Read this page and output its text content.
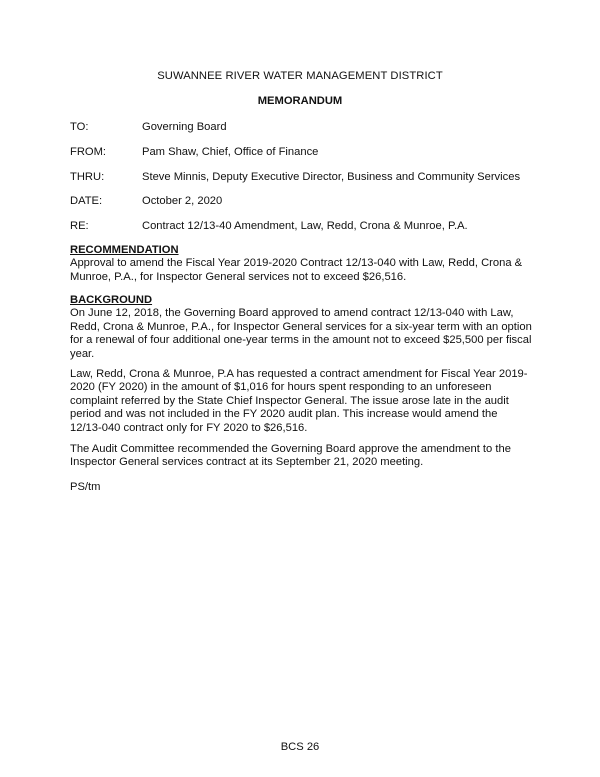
SUWANNEE RIVER WATER MANAGEMENT DISTRICT
MEMORANDUM
TO:	Governing Board
FROM:	Pam Shaw, Chief, Office of Finance
THRU:	Steve Minnis, Deputy Executive Director, Business and Community Services
DATE:	October 2, 2020
RE:	Contract 12/13-40 Amendment, Law, Redd, Crona & Munroe, P.A.
RECOMMENDATION

Approval to amend the Fiscal Year 2019-2020 Contract 12/13-040 with Law, Redd, Crona & Munroe, P.A., for Inspector General services not to exceed $26,516.

BACKGROUND

On June 12, 2018, the Governing Board approved to amend contract 12/13-040 with Law, Redd, Crona & Munroe, P.A., for Inspector General services for a six-year term with an option for a renewal of four additional one-year terms in the amount not to exceed $25,500 per fiscal year.

Law, Redd, Crona & Munroe, P.A has requested a contract amendment for Fiscal Year 2019-2020 (FY 2020) in the amount of $1,016 for hours spent responding to an unforeseen complaint referred by the State Chief Inspector General. The issue arose late in the audit period and was not included in the FY 2020 audit plan. This increase would amend the 12/13-040 contract only for FY 2020 to $26,516.

The Audit Committee recommended the Governing Board approve the amendment to the Inspector General services contract at its September 21, 2020 meeting.

PS/tm
BCS 26
